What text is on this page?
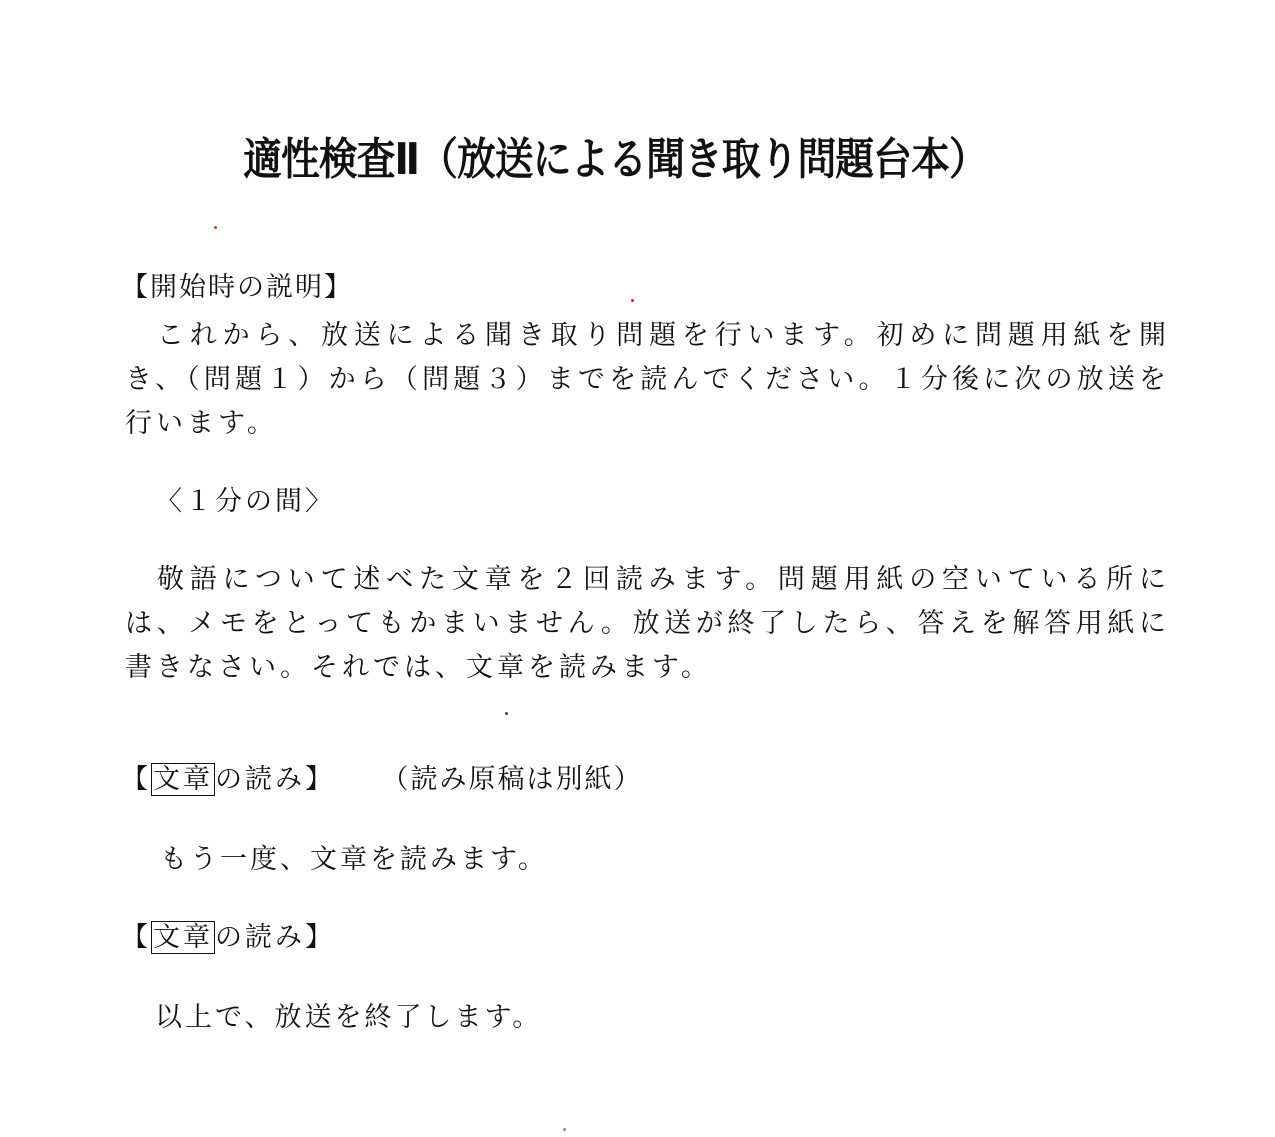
適性検査Ⅱ（放送による聞き取り問題台本）
【開始時の説明】
これから、放送による聞き取り問題を行います。初めに問題用紙を開き、（問題１）から（問題３）までを読んでください。１分後に次の放送を行います。
〈１分の間〉
敬語について述べた文章を２回読みます。問題用紙の空いている所には、メモをとってもかまいません。放送が終了したら、答えを解答用紙に書きなさい。それでは、文章を読みます。
【文章の読み】 （読み原稿は別紙）
もう一度、文章を読みます。
【文章の読み】
以上で、放送を終了します。
